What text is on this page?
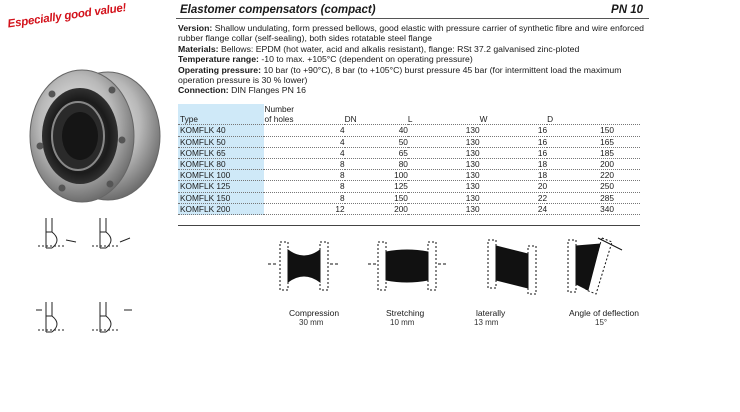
Especially good value!	Elastomer compensators (compact)	PN 10

Version: Shallow undulating, form pressed bellows, good elastic with pressure carrier of synthetic fibre and wire enforced rubber flange collar (self-sealing), both sides rotatable steel flange

Materials: Bellows: EPDM (hot water, acid and alkalis resistant), flange: RSt 37.2 galvanised zinc-ploted

Temperature range: -10 to max. +105°C (dependent on operating pressure)

Operating pressure: 10 bar (to +90°C), 8 bar (to +105°C) burst pressure 45 bar (for intermittent load the maximum operation pressure is 30 % lower)

Connection: DIN Flanges PN 16

	Number				
Type	of holes	DN	L	W	D
KOMFLK 40	4	40	130	16	150
KOMFLK 50	4	50	130	16	165
KOMFLK 65	4	65	130	16	185
KOMFLK 80	8	80	130	18	200
KOMFLK 100	8	100	130	18	220
KOMFLK 125	8	125	130	20	250
KOMFLK 150	8	150	130	22	285
KOMFLK 200	12	200	130	24	340
Compression
30 mm
Stretching
10 mm
laterally
13 mm
Angle of deflection
15°
